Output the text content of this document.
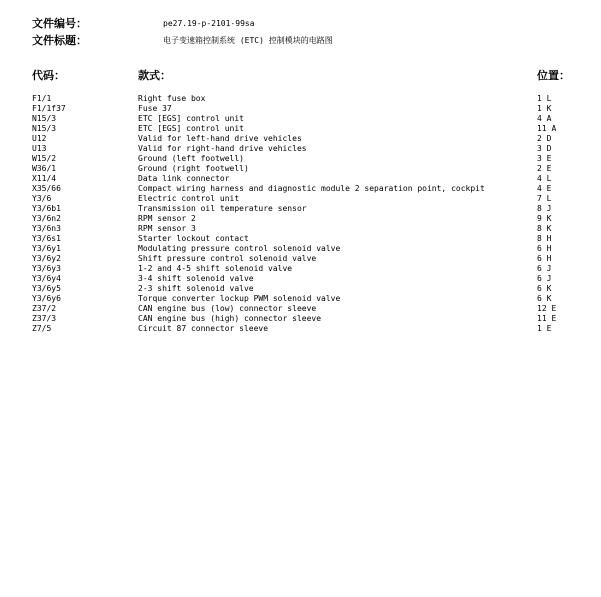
文件编号：	pe27.19-p-2101-99sa
文件标题：	电子变速箱控制系统 (ETC) 控制模块的电路图
代码：	款式：	位置：
F1/1	Right fuse box	1 L
F1/1f37	Fuse 37	1 K
N15/3	ETC [EGS] control unit	4 A
N15/3	ETC [EGS] control unit	11 A
U12	Valid for left-hand drive vehicles	2 D
U13	Valid for right-hand drive vehicles	3 D
W15/2	Ground (left footwell)	3 E
W36/1	Ground (right footwell)	2 E
X11/4	Data link connector	4 L
X35/66	Compact wiring harness and diagnostic module 2 separation point, cockpit	4 E
Y3/6	Electric control unit	7 L
Y3/6b1	Transmission oil temperature sensor	8 J
Y3/6n2	RPM sensor 2	9 K
Y3/6n3	RPM sensor 3	8 K
Y3/6s1	Starter lockout contact	8 H
Y3/6y1	Modulating pressure control solenoid valve	6 H
Y3/6y2	Shift pressure control solenoid valve	6 H
Y3/6y3	1-2 and 4-5 shift solenoid valve	6 J
Y3/6y4	3-4 shift solenoid valve	6 J
Y3/6y5	2-3 shift solenoid valve	6 K
Y3/6y6	Torque converter lockup PWM solenoid valve	6 K
Z37/2	CAN engine bus (low) connector sleeve	12 E
Z37/3	CAN engine bus (high) connector sleeve	11 E
Z7/5	Circuit 87 connector sleeve	1 E
